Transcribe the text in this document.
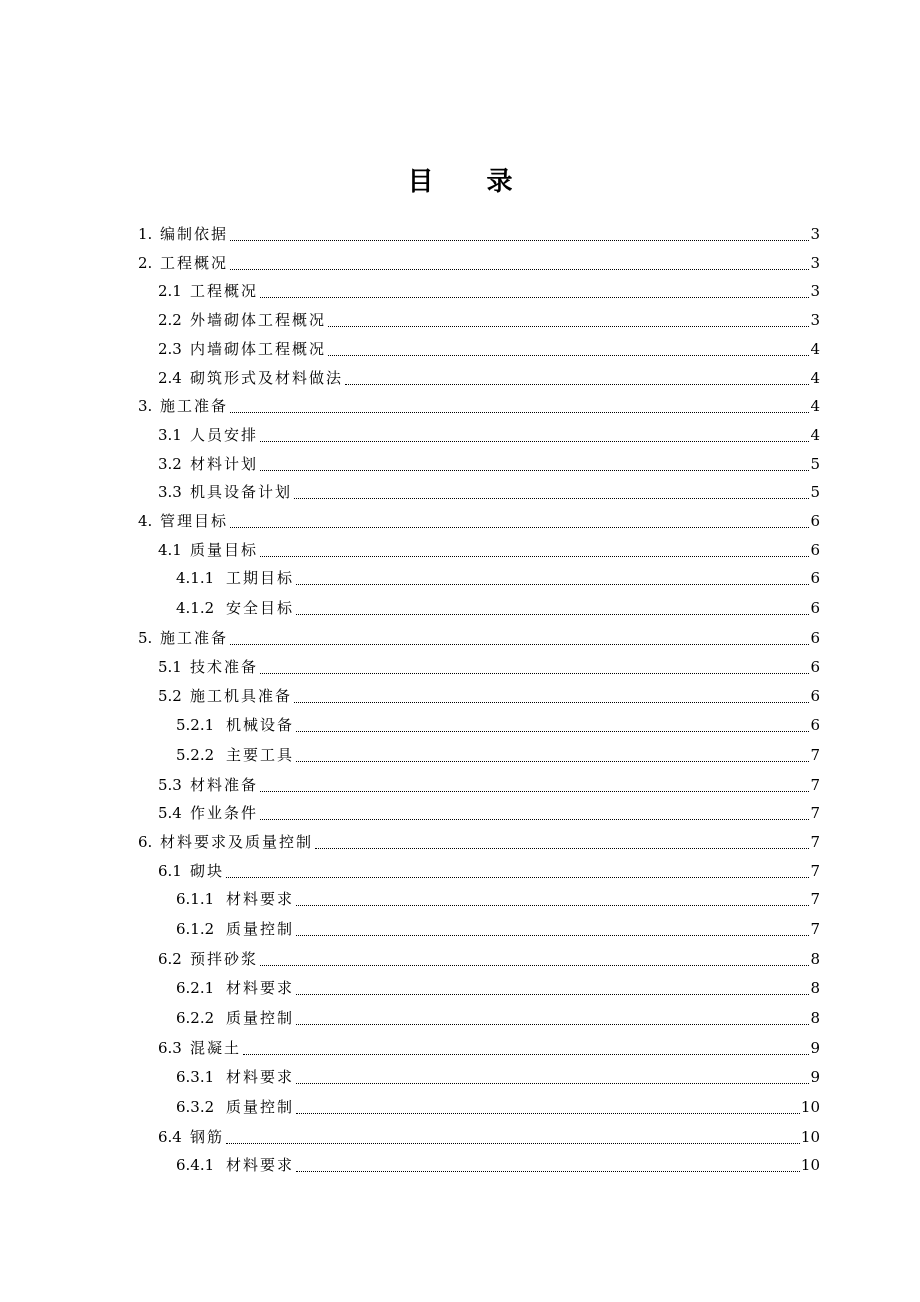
目 录
1. 编制依据	3
2. 工程概况	3
2.1 工程概况	3
2.2 外墙砌体工程概况	3
2.3 内墙砌体工程概况	4
2.4 砌筑形式及材料做法	4
3. 施工准备	4
3.1 人员安排	4
3.2 材料计划	5
3.3 机具设备计划	5
4. 管理目标	6
4.1 质量目标	6
4.1.1 工期目标	6
4.1.2 安全目标	6
5. 施工准备	6
5.1 技术准备	6
5.2 施工机具准备	6
5.2.1 机械设备	6
5.2.2 主要工具	7
5.3 材料准备	7
5.4 作业条件	7
6. 材料要求及质量控制	7
6.1 砌块	7
6.1.1 材料要求	7
6.1.2 质量控制	7
6.2 预拌砂浆	8
6.2.1 材料要求	8
6.2.2 质量控制	8
6.3 混凝土	9
6.3.1 材料要求	9
6.3.2 质量控制	10
6.4 钢筋	10
6.4.1 材料要求	10
